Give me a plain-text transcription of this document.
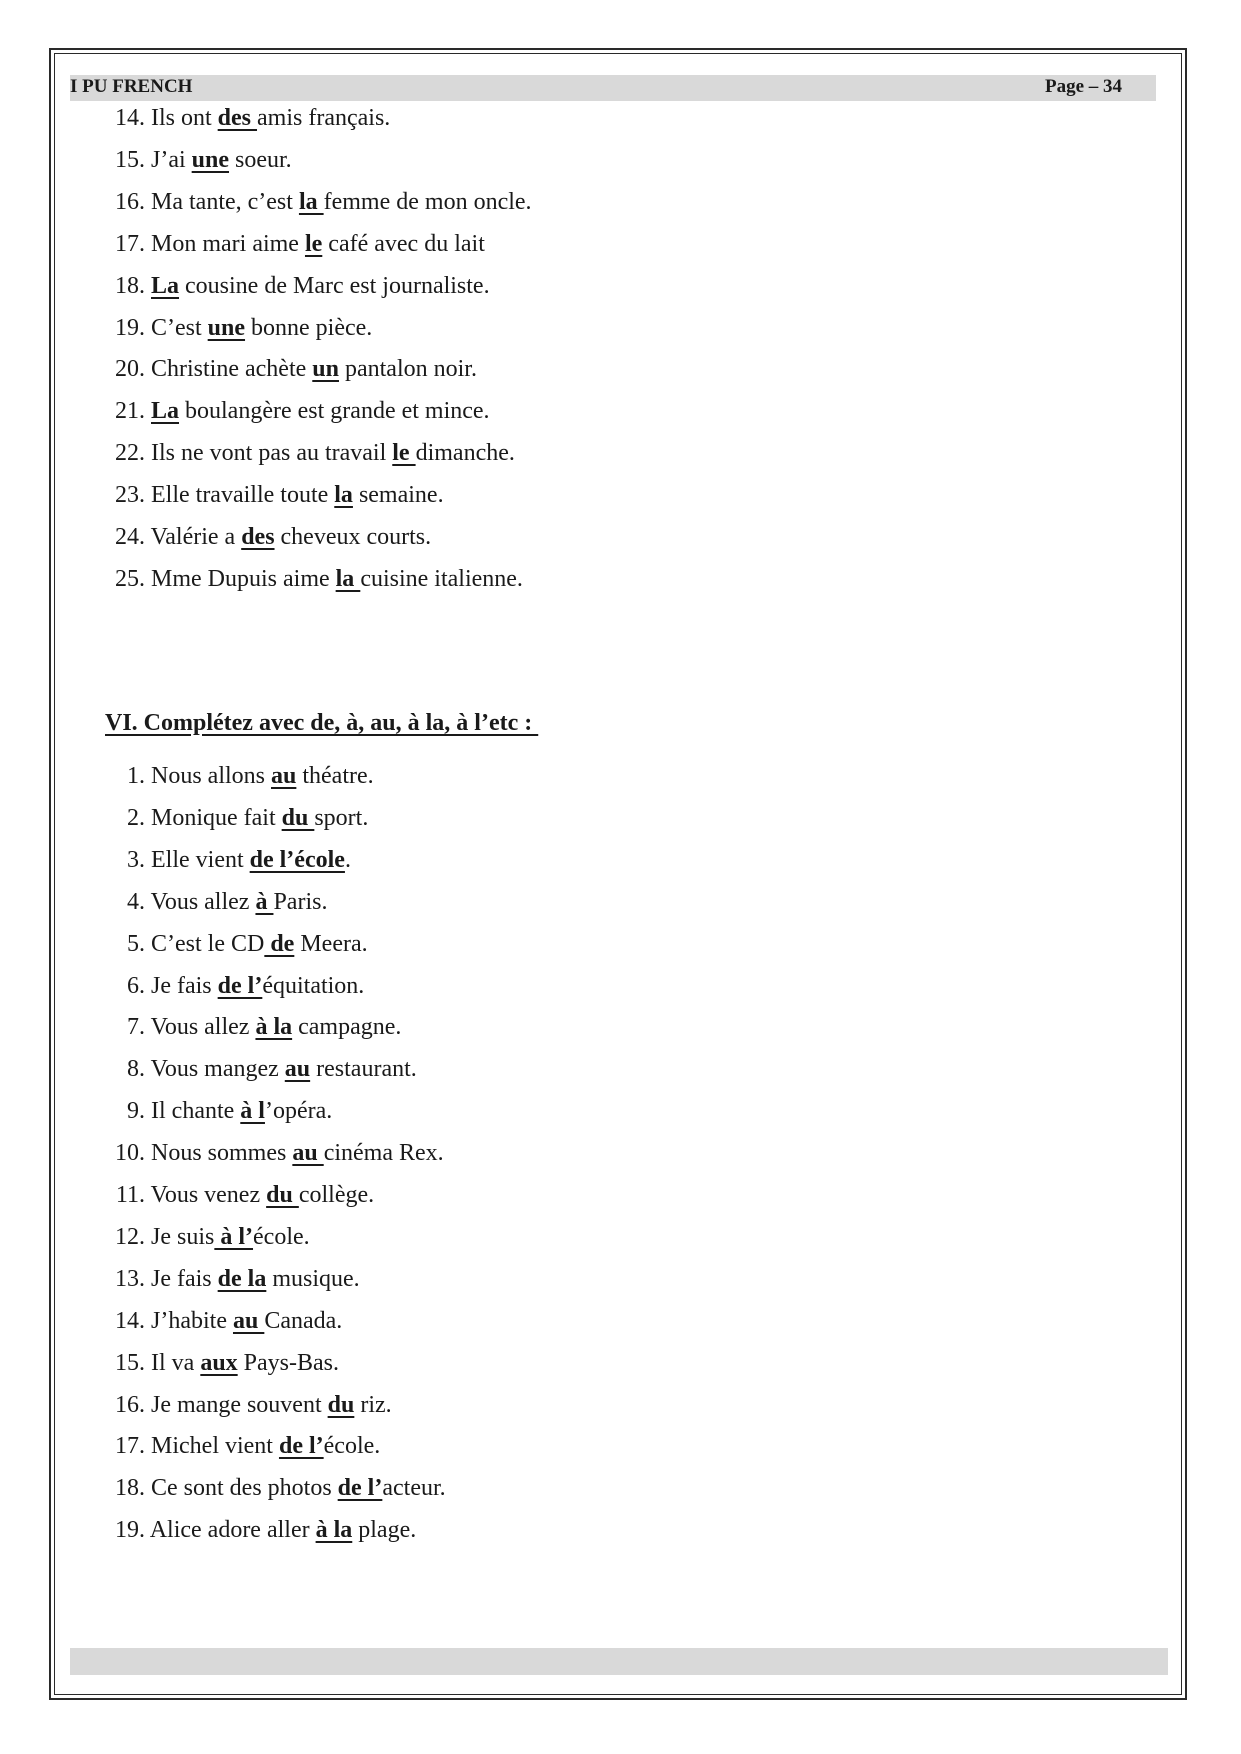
I PU FRENCH	Page – 34
14. Ils ont des amis français.
15. J’ai une soeur.
16. Ma tante, c’est la femme de mon oncle.
17. Mon mari aime le café avec du lait
18. La cousine de Marc est journaliste.
19. C’est une bonne pièce.
20. Christine achète un pantalon noir.
21. La boulangère est grande et mince.
22. Ils ne vont pas au travail le dimanche.
23. Elle travaille toute la semaine.
24. Valérie a des cheveux courts.
25. Mme Dupuis aime la cuisine italienne.
VI. Complétez avec de, à, au, à la, à l’etc :
1. Nous allons au théatre.
2. Monique fait du sport.
3. Elle vient de l’école.
4. Vous allez à Paris.
5. C’est le CD de Meera.
6. Je fais de l’équitation.
7. Vous allez à la campagne.
8. Vous mangez au restaurant.
9. Il chante à l’opéra.
10. Nous sommes au cinéma Rex.
11. Vous venez du collège.
12. Je suis à l’école.
13. Je fais de la musique.
14. J’habite au Canada.
15. Il va aux Pays-Bas.
16. Je mange souvent du riz.
17. Michel vient de l’école.
18. Ce sont des photos de l’acteur.
19. Alice adore aller à la plage.
